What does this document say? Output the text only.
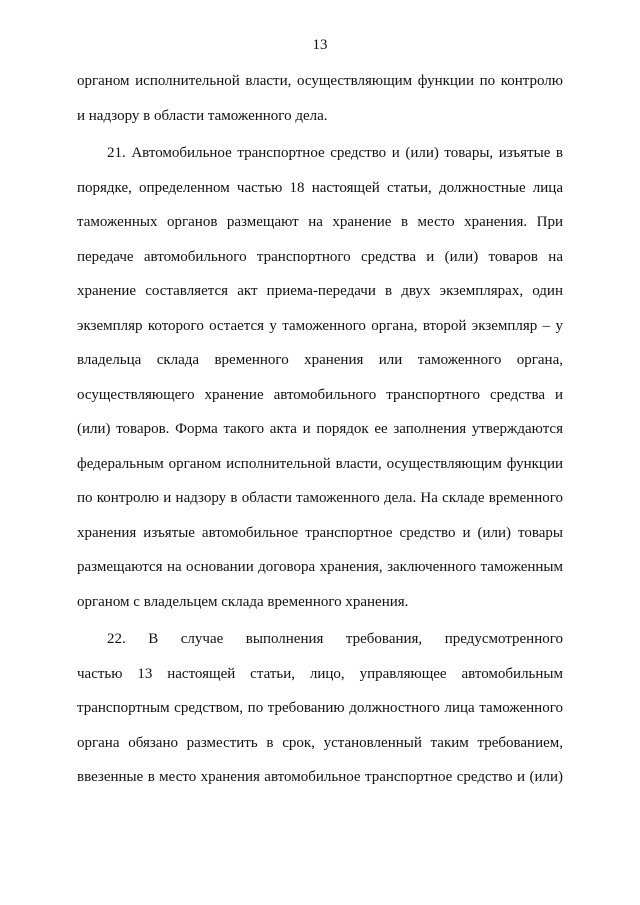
13
органом исполнительной власти, осуществляющим функции по контролю
и надзору в области таможенного дела.
21. Автомобильное транспортное средство и (или) товары, изъятые в
порядке, определенном частью 18 настоящей статьи, должностные лица
таможенных органов размещают на хранение в место хранения. При
передаче автомобильного транспортного средства и (или) товаров на
хранение составляется акт приема-передачи в двух экземплярах, один
экземпляр которого остается у таможенного органа, второй экземпляр – у
владельца склада временного хранения или таможенного органа,
осуществляющего хранение автомобильного транспортного средства и
(или) товаров. Форма такого акта и порядок ее заполнения утверждаются
федеральным органом исполнительной власти, осуществляющим функции
по контролю и надзору в области таможенного дела. На складе временного
хранения изъятые автомобильное транспортное средство и (или) товары
размещаются на основании договора хранения, заключенного таможенным
органом с владельцем склада временного хранения.
22. В случае выполнения требования, предусмотренного
частью 13 настоящей статьи, лицо, управляющее автомобильным
транспортным средством, по требованию должностного лица таможенного
органа обязано разместить в срок, установленный таким требованием,
ввезенные в место хранения автомобильное транспортное средство и (или)
